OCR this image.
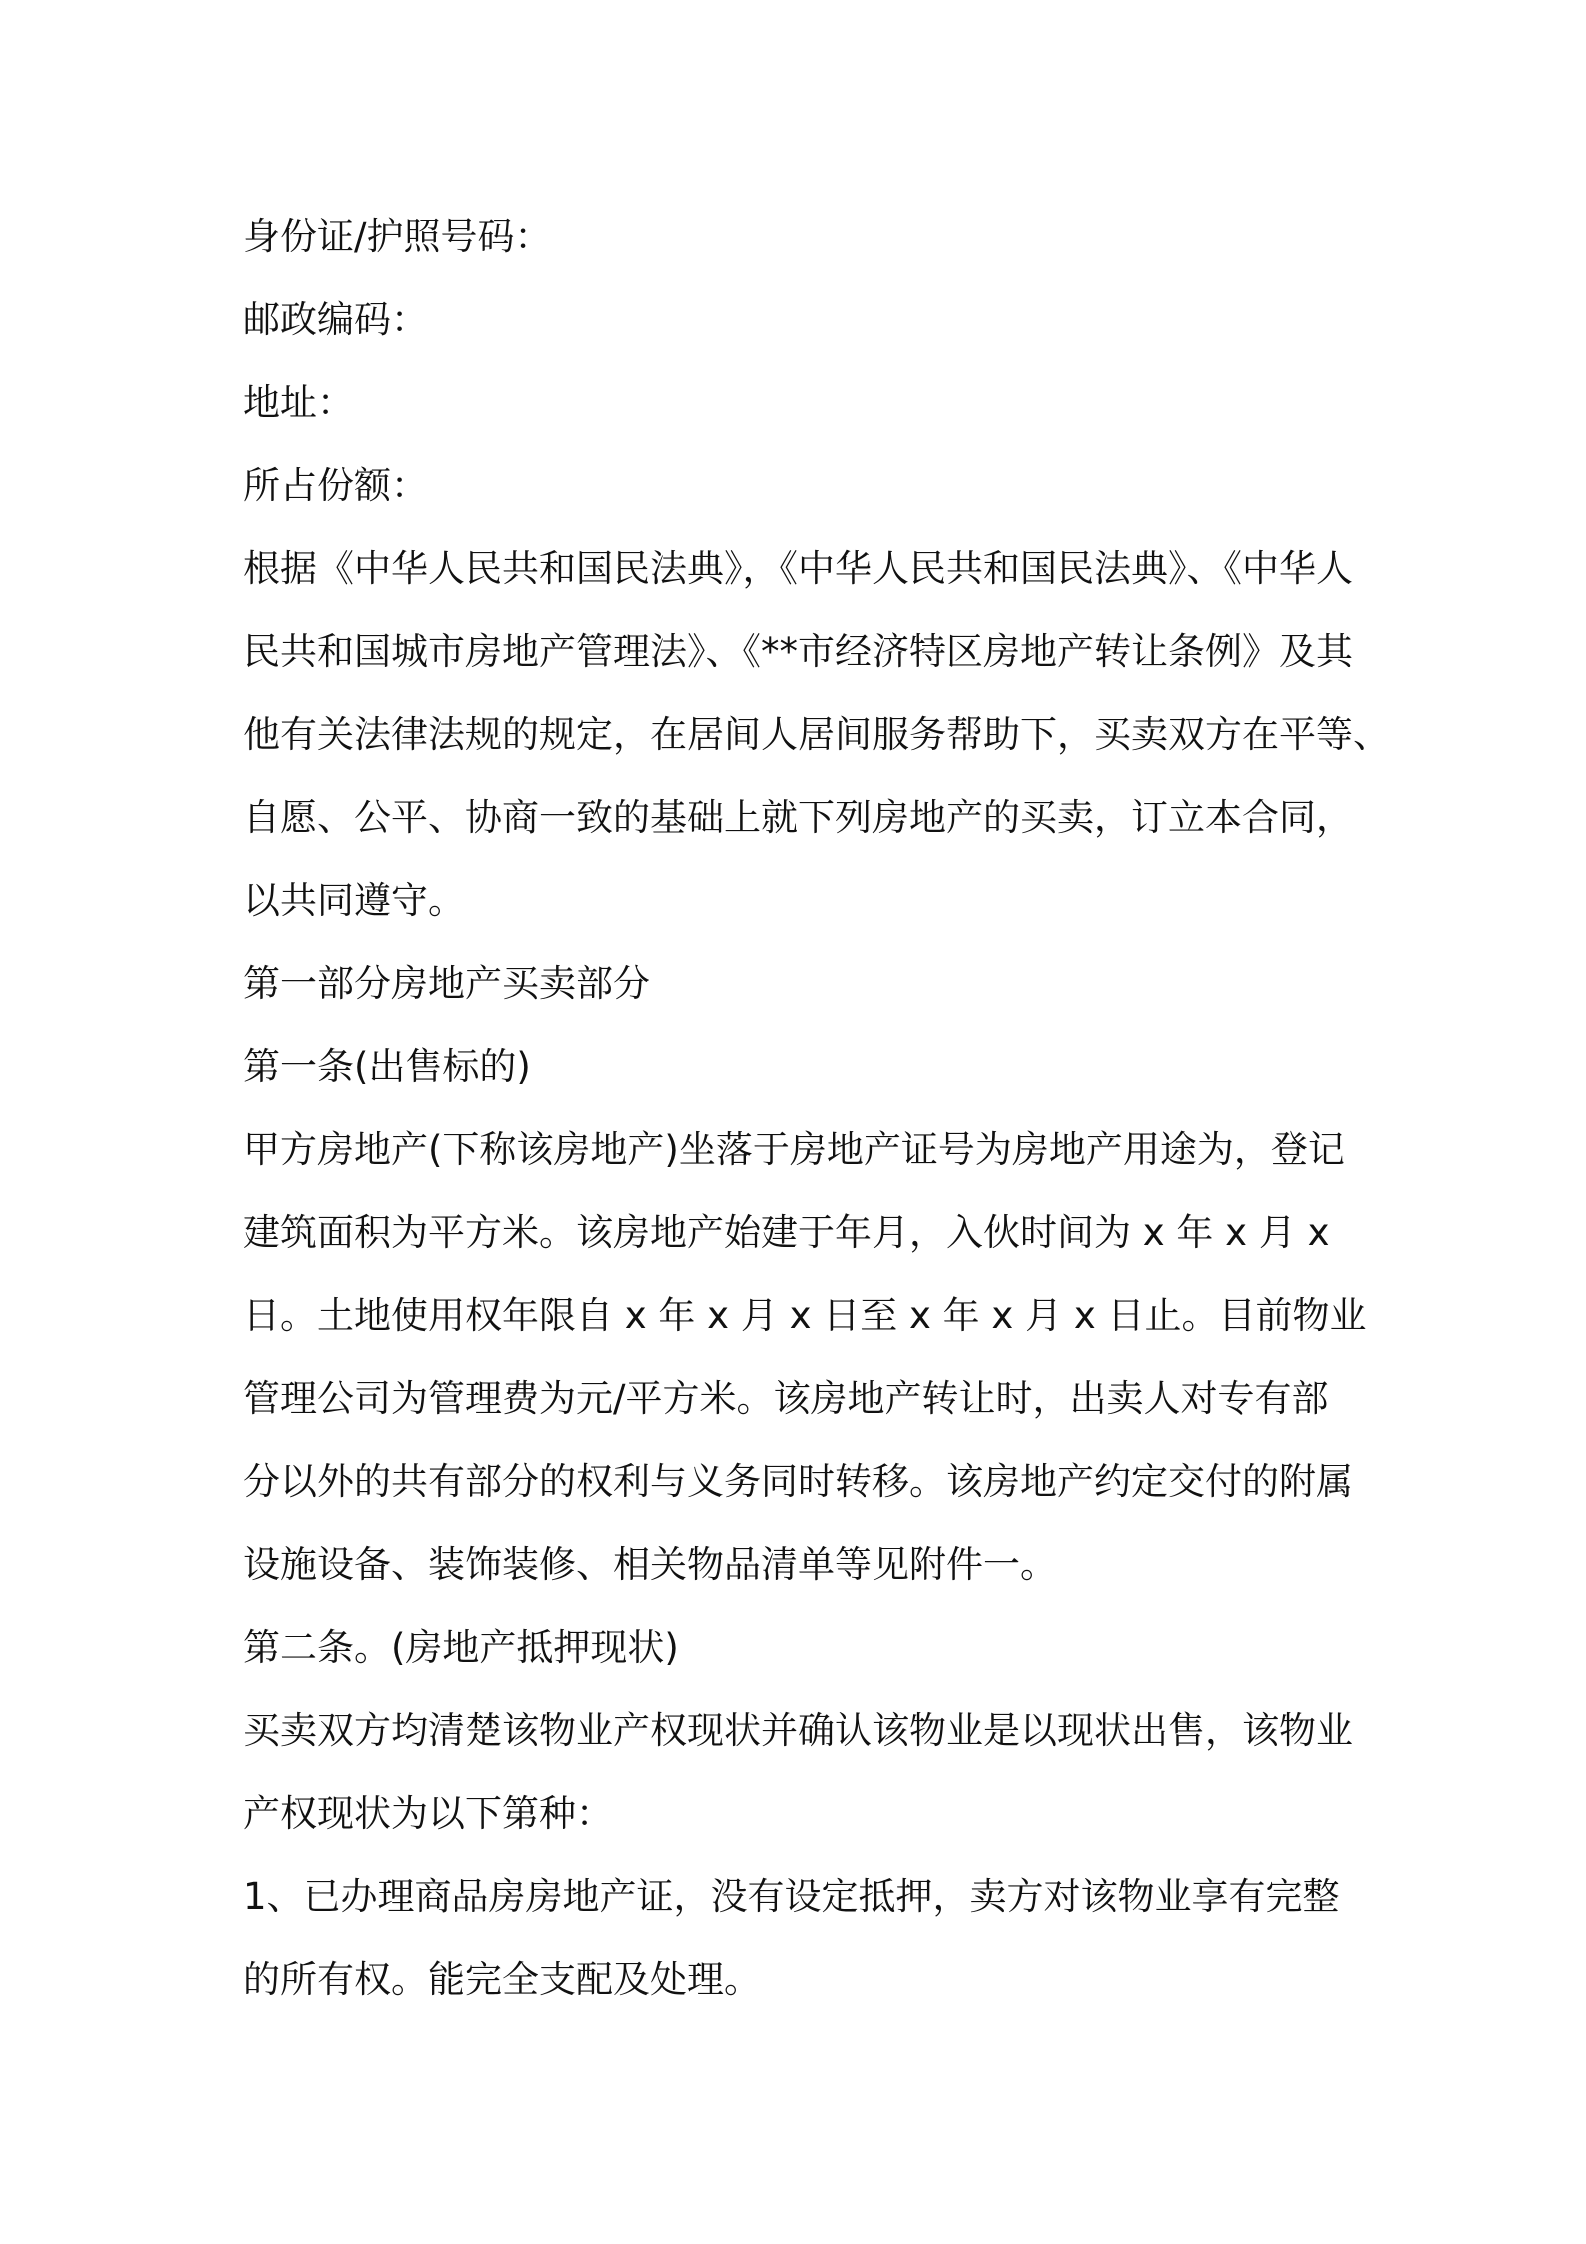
身份证/护照号码：

邮政编码：

地址：

所占份额：

根据《中华人民共和国民法典》，《中华人民共和国民法典》、《中华人

民共和国城市房地产管理法》、《**市经济特区房地产转让条例》及其

他有关法律法规的规定，在居间人居间服务帮助下，买卖双方在平等、

自愿、公平、协商一致的基础上就下列房地产的买卖，订立本合同，

以共同遵守。

第一部分房地产买卖部分

第一条(出售标的)

甲方房地产(下称该房地产)坐落于房地产证号为房地产用途为，登记

建筑面积为平方米。该房地产始建于年月，入伙时间为 x 年 x 月 x

日。土地使用权年限自 x 年 x 月 x 日至 x 年 x 月 x 日止。目前物业

管理公司为管理费为元/平方米。该房地产转让时，出卖人对专有部

分以外的共有部分的权利与义务同时转移。该房地产约定交付的附属

设施设备、装饰装修、相关物品清单等见附件一。

第二条。(房地产抵押现状)

买卖双方均清楚该物业产权现状并确认该物业是以现状出售，该物业

产权现状为以下第种：

1、已办理商品房房地产证，没有设定抵押，卖方对该物业享有完整

的所有权。能完全支配及处理。
